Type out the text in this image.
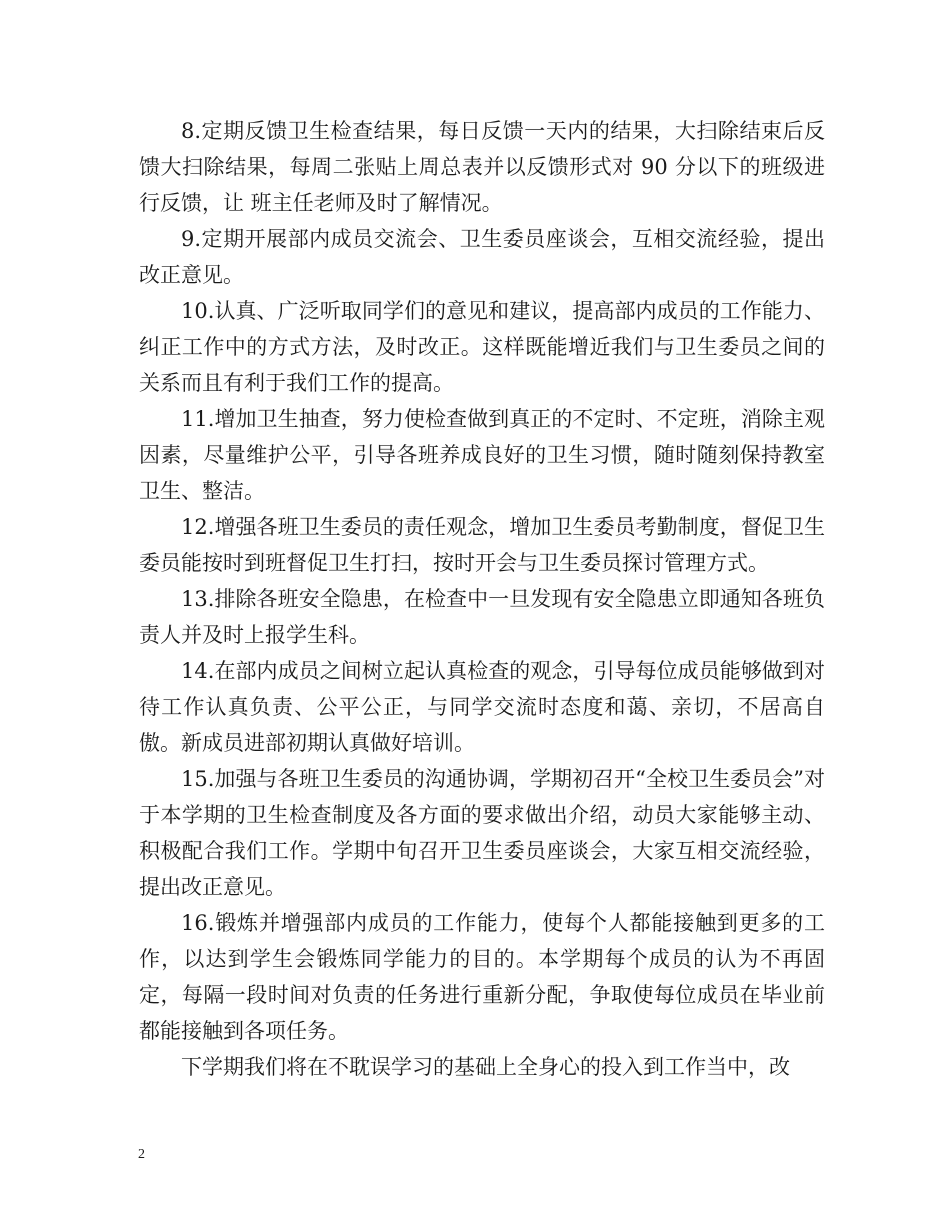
8.定期反馈卫生检查结果，每日反馈一天内的结果，大扫除结束后反馈大扫除结果，每周二张贴上周总表并以反馈形式对 90 分以下的班级进行反馈，让 班主任老师及时了解情况。

9.定期开展部内成员交流会、卫生委员座谈会，互相交流经验，提出改正意见。

10.认真、广泛听取同学们的意见和建议，提高部内成员的工作能力、纠正工作中的方式方法，及时改正。这样既能增近我们与卫生委员之间的关系而且有利于我们工作的提高。

11.增加卫生抽查，努力使检查做到真正的不定时、不定班，消除主观因素，尽量维护公平，引导各班养成良好的卫生习惯，随时随刻保持教室卫生、整洁。

12.增强各班卫生委员的责任观念，增加卫生委员考勤制度，督促卫生委员能按时到班督促卫生打扫，按时开会与卫生委员探讨管理方式。

13.排除各班安全隐患，在检查中一旦发现有安全隐患立即通知各班负责人并及时上报学生科。

14.在部内成员之间树立起认真检查的观念，引导每位成员能够做到对待工作认真负责、公平公正，与同学交流时态度和蔼、亲切，不居高自傲。新成员进部初期认真做好培训。

15.加强与各班卫生委员的沟通协调，学期初召开“全校卫生委员会”对于本学期的卫生检查制度及各方面的要求做出介绍，动员大家能够主动、积极配合我们工作。学期中旬召开卫生委员座谈会，大家互相交流经验，提出改正意见。

16.锻炼并增强部内成员的工作能力，使每个人都能接触到更多的工作，以达到学生会锻炼同学能力的目的。本学期每个成员的认为不再固定，每隔一段时间对负责的任务进行重新分配，争取使每位成员在毕业前都能接触到各项任务。

下学期我们将在不耽误学习的基础上全身心的投入到工作当中，改

2
